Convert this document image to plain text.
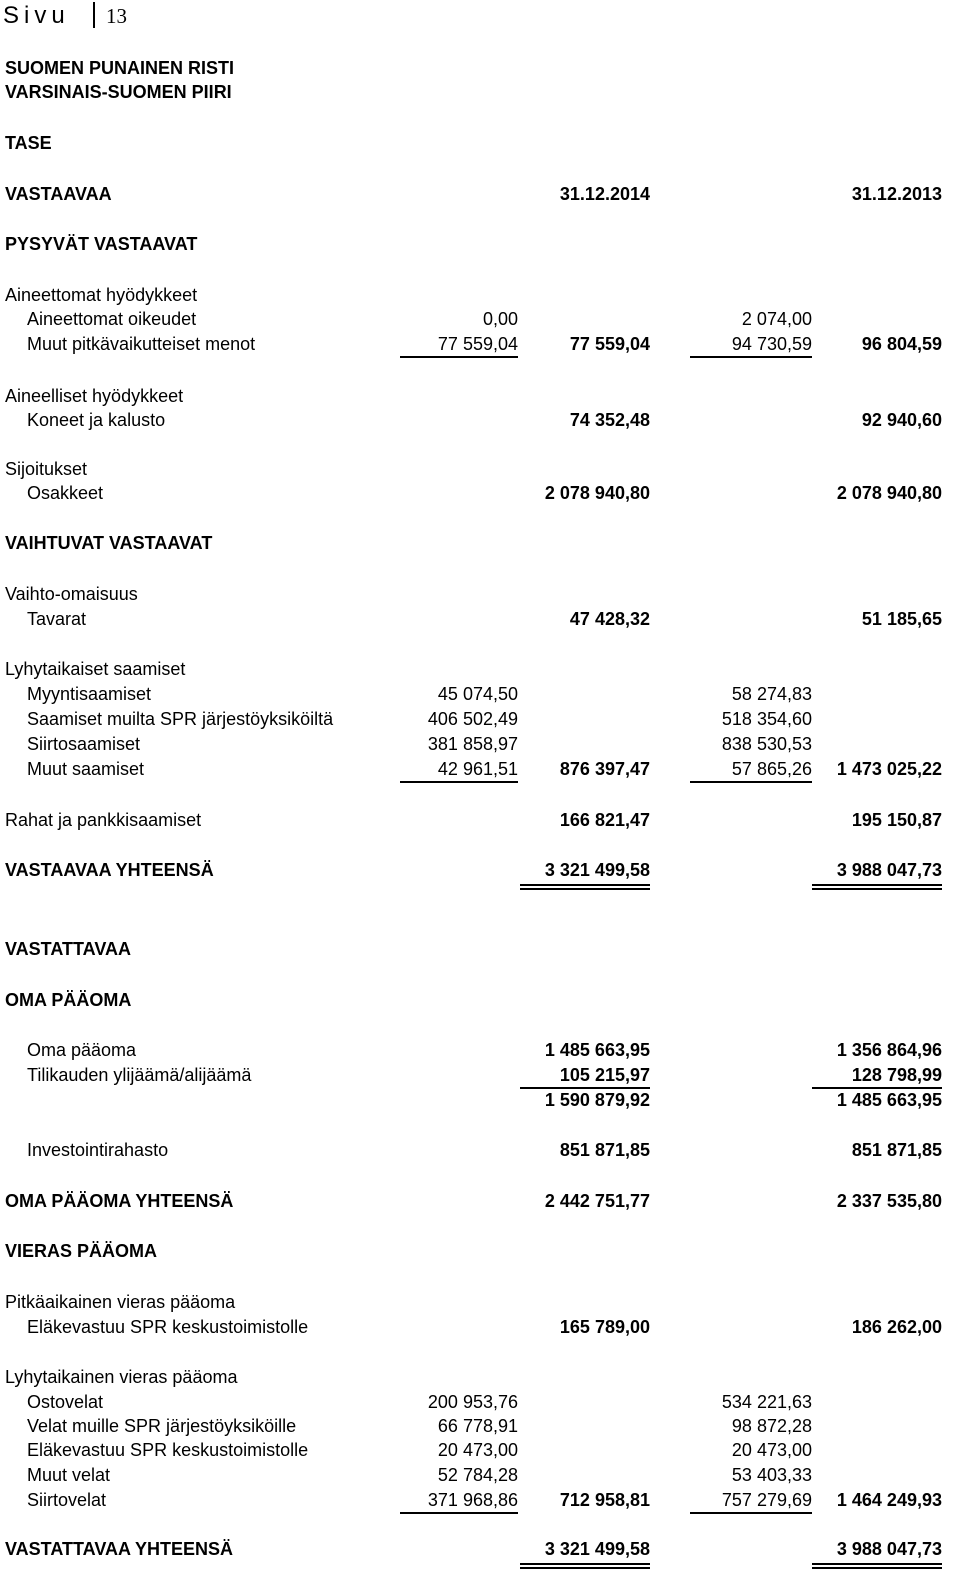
Sivu 13
SUOMEN PUNAINEN RISTI
VARSINAIS-SUOMEN PIIRI
TASE
VASTAAVAA	31.12.2014	31.12.2013
PYSYVÄT VASTAAVAT
Aineettomat hyödykkeet
Aineettomat oikeudet	0,00	2 074,00
Muut pitkävaikutteiset menot	77 559,04	77 559,04	94 730,59	96 804,59
Aineelliset hyödykkeet
Koneet ja kalusto	74 352,48	92 940,60
Sijoitukset
Osakkeet	2 078 940,80	2 078 940,80
VAIHTUVAT VASTAAVAT
Vaihto-omaisuus
Tavarat	47 428,32	51 185,65
Lyhytaikaiset saamiset
Myyntisaamiset	45 074,50	58 274,83
Saamiset muilta SPR järjestöyksiköiltä	406 502,49	518 354,60
Siirtosaamiset	381 858,97	838 530,53
Muut saamiset	42 961,51	876 397,47	57 865,26	1 473 025,22
Rahat ja pankkisaamiset	166 821,47	195 150,87
VASTAAVAA YHTEENSÄ	3 321 499,58	3 988 047,73
VASTATTAVAA
OMA PÄÄOMA
Oma pääoma	1 485 663,95	1 356 864,96
Tilikauden ylijäämä/alijäämä	105 215,97	128 798,99
1 590 879,92	1 485 663,95
Investointirahasto	851 871,85	851 871,85
OMA PÄÄOMA YHTEENSÄ	2 442 751,77	2 337 535,80
VIERAS PÄÄOMA
Pitkäaikainen vieras pääoma
Eläkevastuu SPR keskustoimistolle	165 789,00	186 262,00
Lyhytaikainen vieras pääoma
Ostovelat	200 953,76	534 221,63
Velat muille SPR järjestöyksiköille	66 778,91	98 872,28
Eläkevastuu SPR keskustoimistolle	20 473,00	20 473,00
Muut velat	52 784,28	53 403,33
Siirtovelat	371 968,86	712 958,81	757 279,69	1 464 249,93
VASTATTAVAA YHTEENSÄ	3 321 499,58	3 988 047,73
